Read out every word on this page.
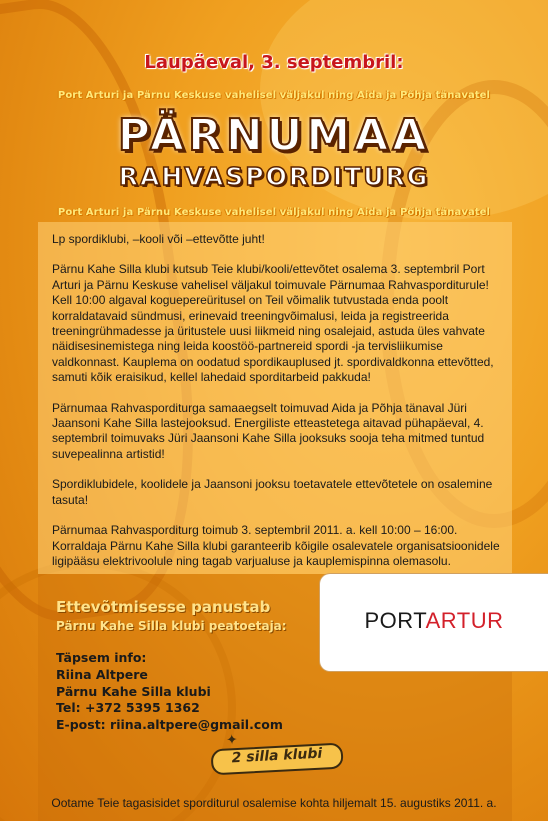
Laupäeval, 3. septembril:
Port Arturi ja Pärnu Keskuse vahelisel väljakul ning Aida ja Põhja tänavatel
PÄRNUMAA
RAHVASPORDITURG
Port Arturi ja Pärnu Keskuse vahelisel väljakul ning Aida ja Põhja tänavatel

Lp spordiklubi, –kooli või –ettevõtte juht!

Pärnu Kahe Silla klubi kutsub Teie klubi/kooli/ettevõtet osalema 3. septembril Port Arturi ja Pärnu Keskuse vahelisel väljakul toimuvale Pärnumaa Rahvasporditurule! Kell 10:00 algaval koguepereüritusel on Teil võimalik tutvustada enda poolt korraldatavaid sündmusi, erinevaid treeningvõimalusi, leida ja registreerida treeningrühmadesse ja üritustele uusi liikmeid ning osalejaid, astuda üles vahvate näidisesinemistega ning leida koostöö-partnereid spordi -ja tervisliikumise valdkonnast. Kauplema on oodatud spordikauplused jt. spordivaldkonna ettevõtted, samuti kõik eraisikud, kellel lahedaid sporditarbeid pakkuda!

Pärnumaa Rahvasporditurga samaaegselt toimuvad Aida ja Põhja tänaval Jüri Jaansoni Kahe Silla lastejooksud. Energiliste etteastetega aitavad pühapäeval, 4. septembril toimuvaks Jüri Jaansoni Kahe Silla jooksuks sooja teha mitmed tuntud suvepealinna artistid!

Spordiklubidele, koolidele ja Jaansoni jooksu toetavatele ettevõtetele on osalemine tasuta!

Pärnumaa Rahvasporditurg toimub 3. septembril 2011. a. kell 10:00 – 16:00. Korraldaja Pärnu Kahe Silla klubi garanteerib kõigile osalevatele organisatsioonidele ligipääsu elektrivoolule ning tagab varjualuse ja kauplemispinna olemasolu.

Ettevõtmisesse panustab
Pärnu Kahe Silla klubi peatoetaja:
Täpsem info:
Riina Altpere
Pärnu Kahe Silla klubi
Tel: +372 5395 1362
E-post: riina.altpere@gmail.com
PORTARTUR
✦
2 silla klubi
Ootame Teie tagasisidet sporditurul osalemise kohta hiljemalt 15. augustiks 2011. a.
